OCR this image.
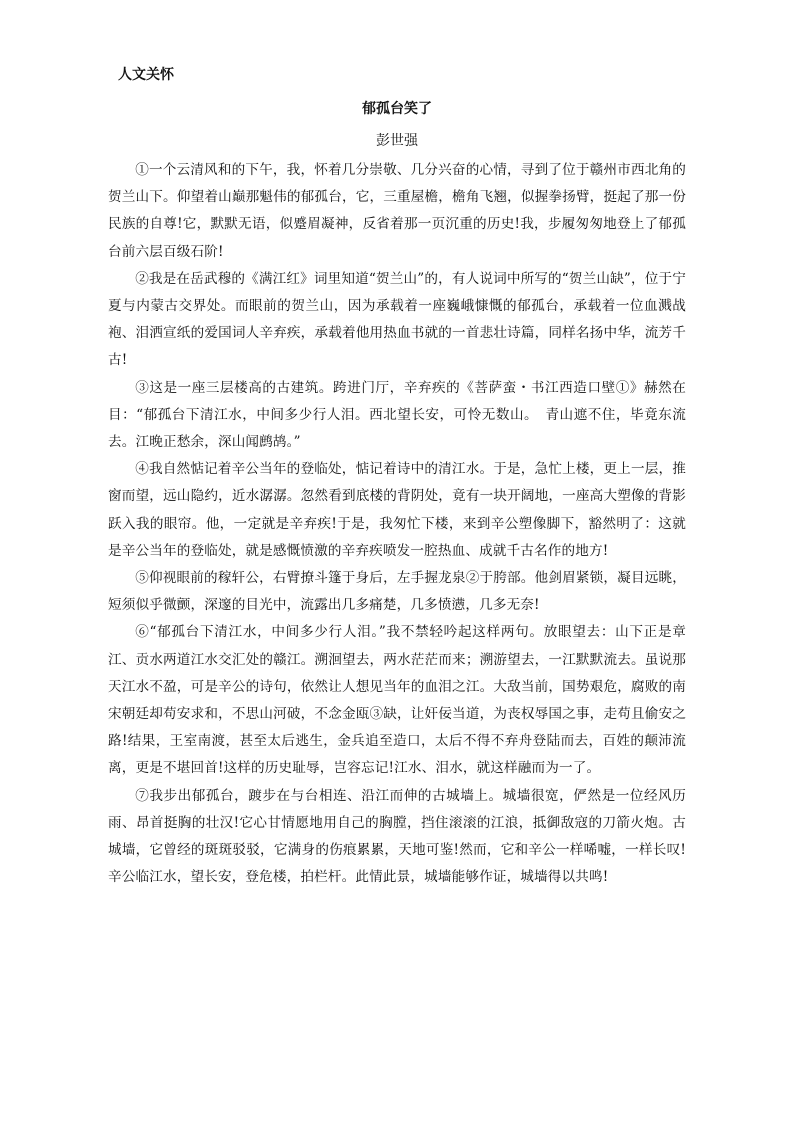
人文关怀
郁孤台笑了
彭世强

①一个云清风和的下午，我，怀着几分崇敬、几分兴奋的心情，寻到了位于赣州市西北角的贺兰山下。仰望着山巅那魁伟的郁孤台，它，三重屋檐，檐角飞翘，似握拳扬臂，挺起了那一份民族的自尊!它，默默无语，似蹙眉凝神，反省着那一页沉重的历史!我，步履匆匆地登上了郁孤台前六层百级石阶!

②我是在岳武穆的《满江红》词里知道“贺兰山”的，有人说词中所写的“贺兰山缺”，位于宁夏与内蒙古交界处。而眼前的贺兰山，因为承载着一座巍峨慷慨的郁孤台，承载着一位血溅战袍、泪洒宣纸的爱国词人辛弃疾，承载着他用热血书就的一首悲壮诗篇，同样名扬中华，流芳千古!

③这是一座三层楼高的古建筑。跨进门厅，辛弃疾的《菩萨蛮・书江西造口壁①》赫然在目：“郁孤台下清江水，中间多少行人泪。西北望长安，可怜无数山。　青山遮不住，毕竟东流去。江晚正愁余，深山闻鹧鸪。”

④我自然惦记着辛公当年的登临处，惦记着诗中的清江水。于是，急忙上楼，更上一层，推窗而望，远山隐约，近水潺潺。忽然看到底楼的背阴处，竟有一块开阔地，一座高大塑像的背影跃入我的眼帘。他，一定就是辛弃疾!于是，我匆忙下楼，来到辛公塑像脚下，豁然明了：这就是辛公当年的登临处，就是感慨愤激的辛弃疾喷发一腔热血、成就千古名作的地方!

⑤仰视眼前的稼轩公，右臂撩斗篷于身后，左手握龙泉②于胯部。他剑眉紧锁，凝目远眺，短须似乎微颤，深邃的目光中，流露出几多痛楚，几多愤懑，几多无奈!

⑥“郁孤台下清江水，中间多少行人泪。”我不禁轻吟起这样两句。放眼望去：山下正是章江、贡水两道江水交汇处的赣江。溯洄望去，两水茫茫而来；溯游望去，一江默默流去。虽说那天江水不盈，可是辛公的诗句，依然让人想见当年的血泪之江。大敌当前，国势艰危，腐败的南宋朝廷却苟安求和，不思山河破，不念金瓯③缺，让奸佞当道，为丧权辱国之事，走苟且偷安之路!结果，王室南渡，甚至太后逃生，金兵追至造口，太后不得不弃舟登陆而去，百姓的颠沛流离，更是不堪回首!这样的历史耻辱，岂容忘记!江水、泪水，就这样融而为一了。

⑦我步出郁孤台，踱步在与台相连、沿江而伸的古城墙上。城墙很宽，俨然是一位经风历雨、昂首挺胸的壮汉!它心甘情愿地用自己的胸膛，挡住滚滚的江浪，抵御敌寇的刀箭火炮。古城墙，它曾经的斑斑驳驳，它满身的伤痕累累，天地可鉴!然而，它和辛公一样唏嘘，一样长叹!辛公临江水，望长安，登危楼，拍栏杆。此情此景，城墙能够作证，城墙得以共鸣!
